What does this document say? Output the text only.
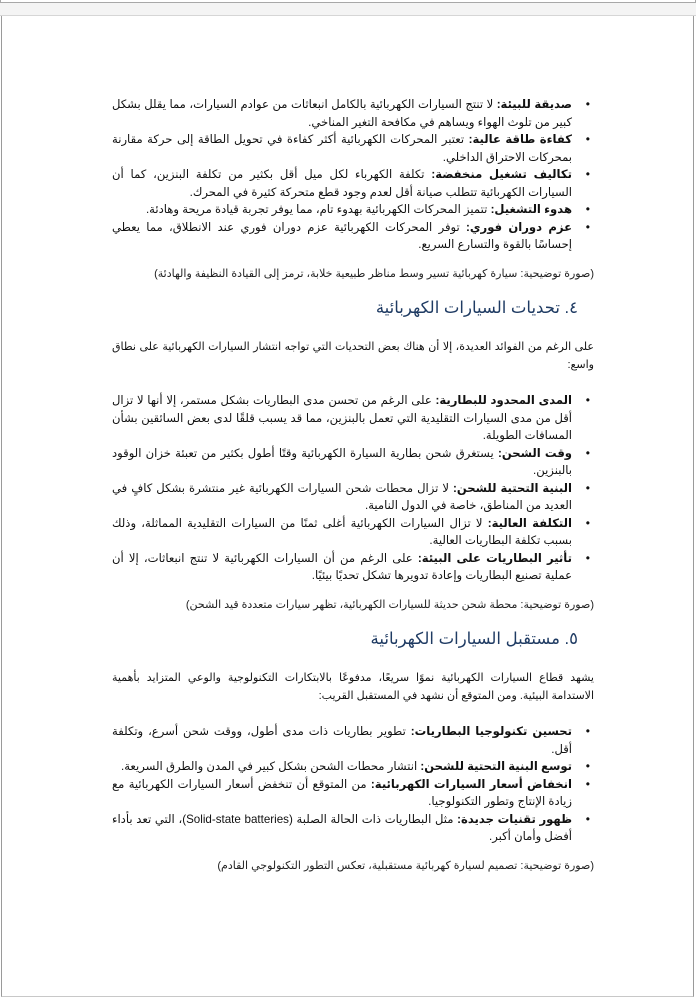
• صديقة للبيئة: لا تنتج السيارات الكهربائية بالكامل انبعاثات من عوادم السيارات، مما يقلل بشكل كبير من تلوث الهواء ويساهم في مكافحة التغير المناخي.
• كفاءة طاقة عالية: تعتبر المحركات الكهربائية أكثر كفاءة في تحويل الطاقة إلى حركة مقارنة بمحركات الاحتراق الداخلي.
• تكاليف تشغيل منخفضة: تكلفة الكهرباء لكل ميل أقل بكثير من تكلفة البنزين، كما أن السيارات الكهربائية تتطلب صيانة أقل لعدم وجود قطع متحركة كثيرة في المحرك.
• هدوء التشغيل: تتميز المحركات الكهربائية بهدوء تام، مما يوفر تجربة قيادة مريحة وهادئة.
• عزم دوران فوري: توفر المحركات الكهربائية عزم دوران فوري عند الانطلاق، مما يعطي إحساسًا بالقوة والتسارع السريع.

(صورة توضيحية: سيارة كهربائية تسير وسط مناظر طبيعية خلابة، ترمز إلى القيادة النظيفة والهادئة)

٤. تحديات السيارات الكهربائية

على الرغم من الفوائد العديدة، إلا أن هناك بعض التحديات التي تواجه انتشار السيارات الكهربائية على نطاق واسع:

• المدى المحدود للبطارية: على الرغم من تحسن مدى البطاريات بشكل مستمر، إلا أنها لا تزال أقل من مدى السيارات التقليدية التي تعمل بالبنزين، مما قد يسبب قلقًا لدى بعض السائقين بشأن المسافات الطويلة.
• وقت الشحن: يستغرق شحن بطارية السيارة الكهربائية وقتًا أطول بكثير من تعبئة خزان الوقود بالبنزين.
• البنية التحتية للشحن: لا تزال محطات شحن السيارات الكهربائية غير منتشرة بشكل كافٍ في العديد من المناطق، خاصة في الدول النامية.
• التكلفة العالية: لا تزال السيارات الكهربائية أغلى ثمنًا من السيارات التقليدية المماثلة، وذلك بسبب تكلفة البطاريات العالية.
• تأثير البطاريات على البيئة: على الرغم من أن السيارات الكهربائية لا تنتج انبعاثات، إلا أن عملية تصنيع البطاريات وإعادة تدويرها تشكل تحديًا بيئيًا.

(صورة توضيحية: محطة شحن حديثة للسيارات الكهربائية، تظهر سيارات متعددة قيد الشحن)

٥. مستقبل السيارات الكهربائية

يشهد قطاع السيارات الكهربائية نموًا سريعًا، مدفوعًا بالابتكارات التكنولوجية والوعي المتزايد بأهمية الاستدامة البيئية. ومن المتوقع أن نشهد في المستقبل القريب:

• تحسين تكنولوجيا البطاريات: تطوير بطاريات ذات مدى أطول، ووقت شحن أسرع، وتكلفة أقل.
• توسع البنية التحتية للشحن: انتشار محطات الشحن بشكل كبير في المدن والطرق السريعة.
• انخفاض أسعار السيارات الكهربائية: من المتوقع أن تنخفض أسعار السيارات الكهربائية مع زيادة الإنتاج وتطور التكنولوجيا.
• ظهور تقنيات جديدة: مثل البطاريات ذات الحالة الصلبة (Solid-state batteries)، التي تعد بأداء أفضل وأمان أكبر.

(صورة توضيحية: تصميم لسيارة كهربائية مستقبلية، تعكس التطور التكنولوجي القادم)
